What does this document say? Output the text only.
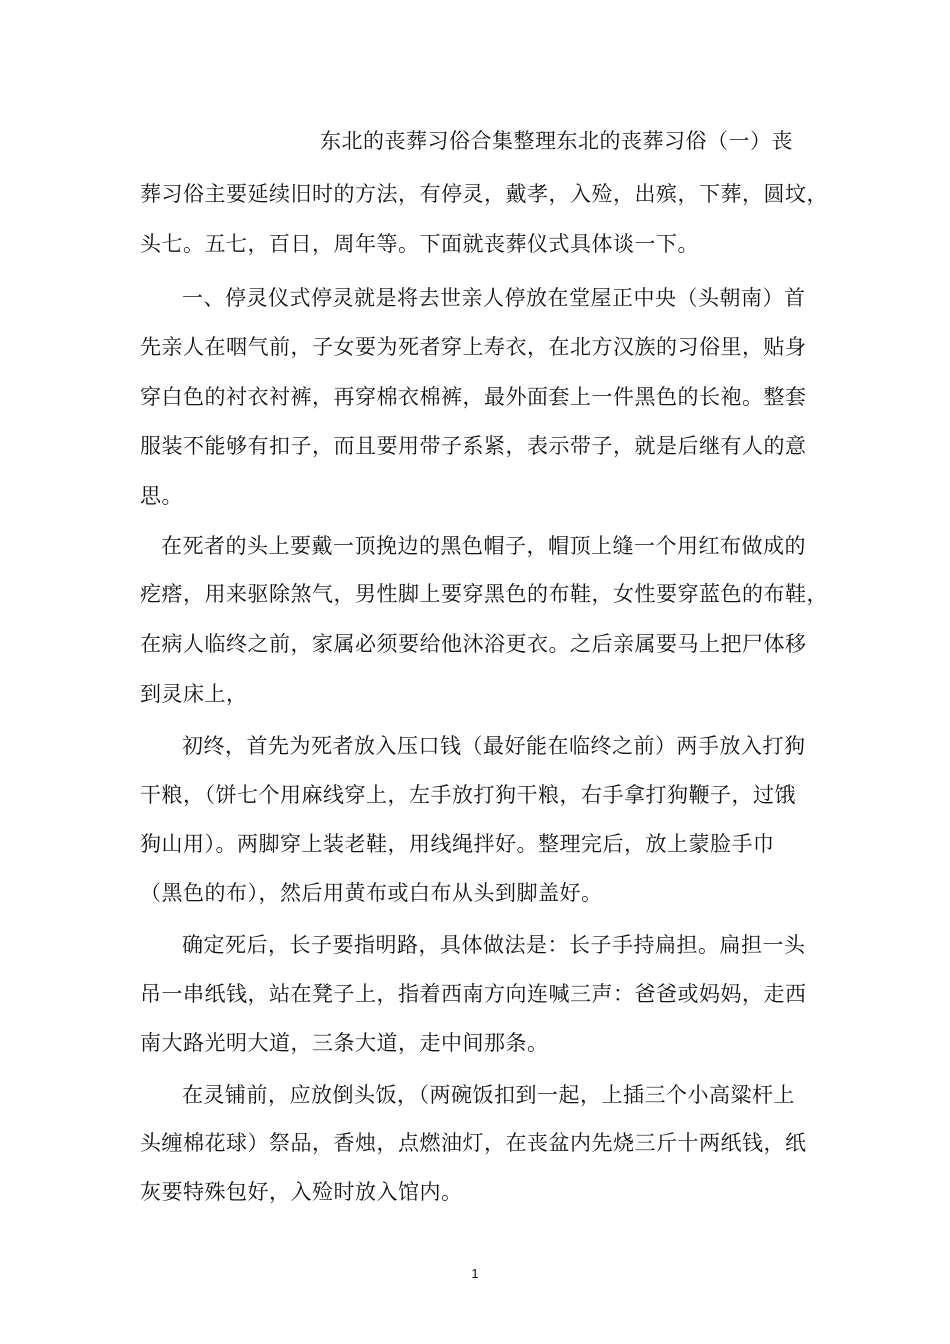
东北的丧葬习俗合集整理东北的丧葬习俗（一）丧
葬习俗主要延续旧时的方法，有停灵，戴孝，入殓，出殡，下葬，圆坟，
头七。五七，百日，周年等。下面就丧葬仪式具体谈一下。
一、停灵仪式停灵就是将去世亲人停放在堂屋正中央（头朝南）首
先亲人在咽气前，子女要为死者穿上寿衣，在北方汉族的习俗里，贴身
穿白色的衬衣衬裤，再穿棉衣棉裤，最外面套上一件黑色的长袍。整套
服装不能够有扣子，而且要用带子系紧，表示带子，就是后继有人的意
思。
在死者的头上要戴一顶挽边的黑色帽子，帽顶上缝一个用红布做成的
疙瘩，用来驱除煞气，男性脚上要穿黑色的布鞋，女性要穿蓝色的布鞋，
在病人临终之前，家属必须要给他沐浴更衣。之后亲属要马上把尸体移
到灵床上，
初终，首先为死者放入压口钱（最好能在临终之前）两手放入打狗
干粮，（饼七个用麻线穿上，左手放打狗干粮，右手拿打狗鞭子，过饿
狗山用）。两脚穿上装老鞋，用线绳拌好。整理完后，放上蒙脸手巾
（黑色的布），然后用黄布或白布从头到脚盖好。
确定死后，长子要指明路，具体做法是：长子手持扁担。扁担一头
吊一串纸钱，站在凳子上，指着西南方向连喊三声：爸爸或妈妈，走西
南大路光明大道，三条大道，走中间那条。
在灵铺前，应放倒头饭，（两碗饭扣到一起，上插三个小高粱杆上
头缠棉花球）祭品，香烛，点燃油灯，在丧盆内先烧三斤十两纸钱，纸
灰要特殊包好，入殓时放入馆内。
1
